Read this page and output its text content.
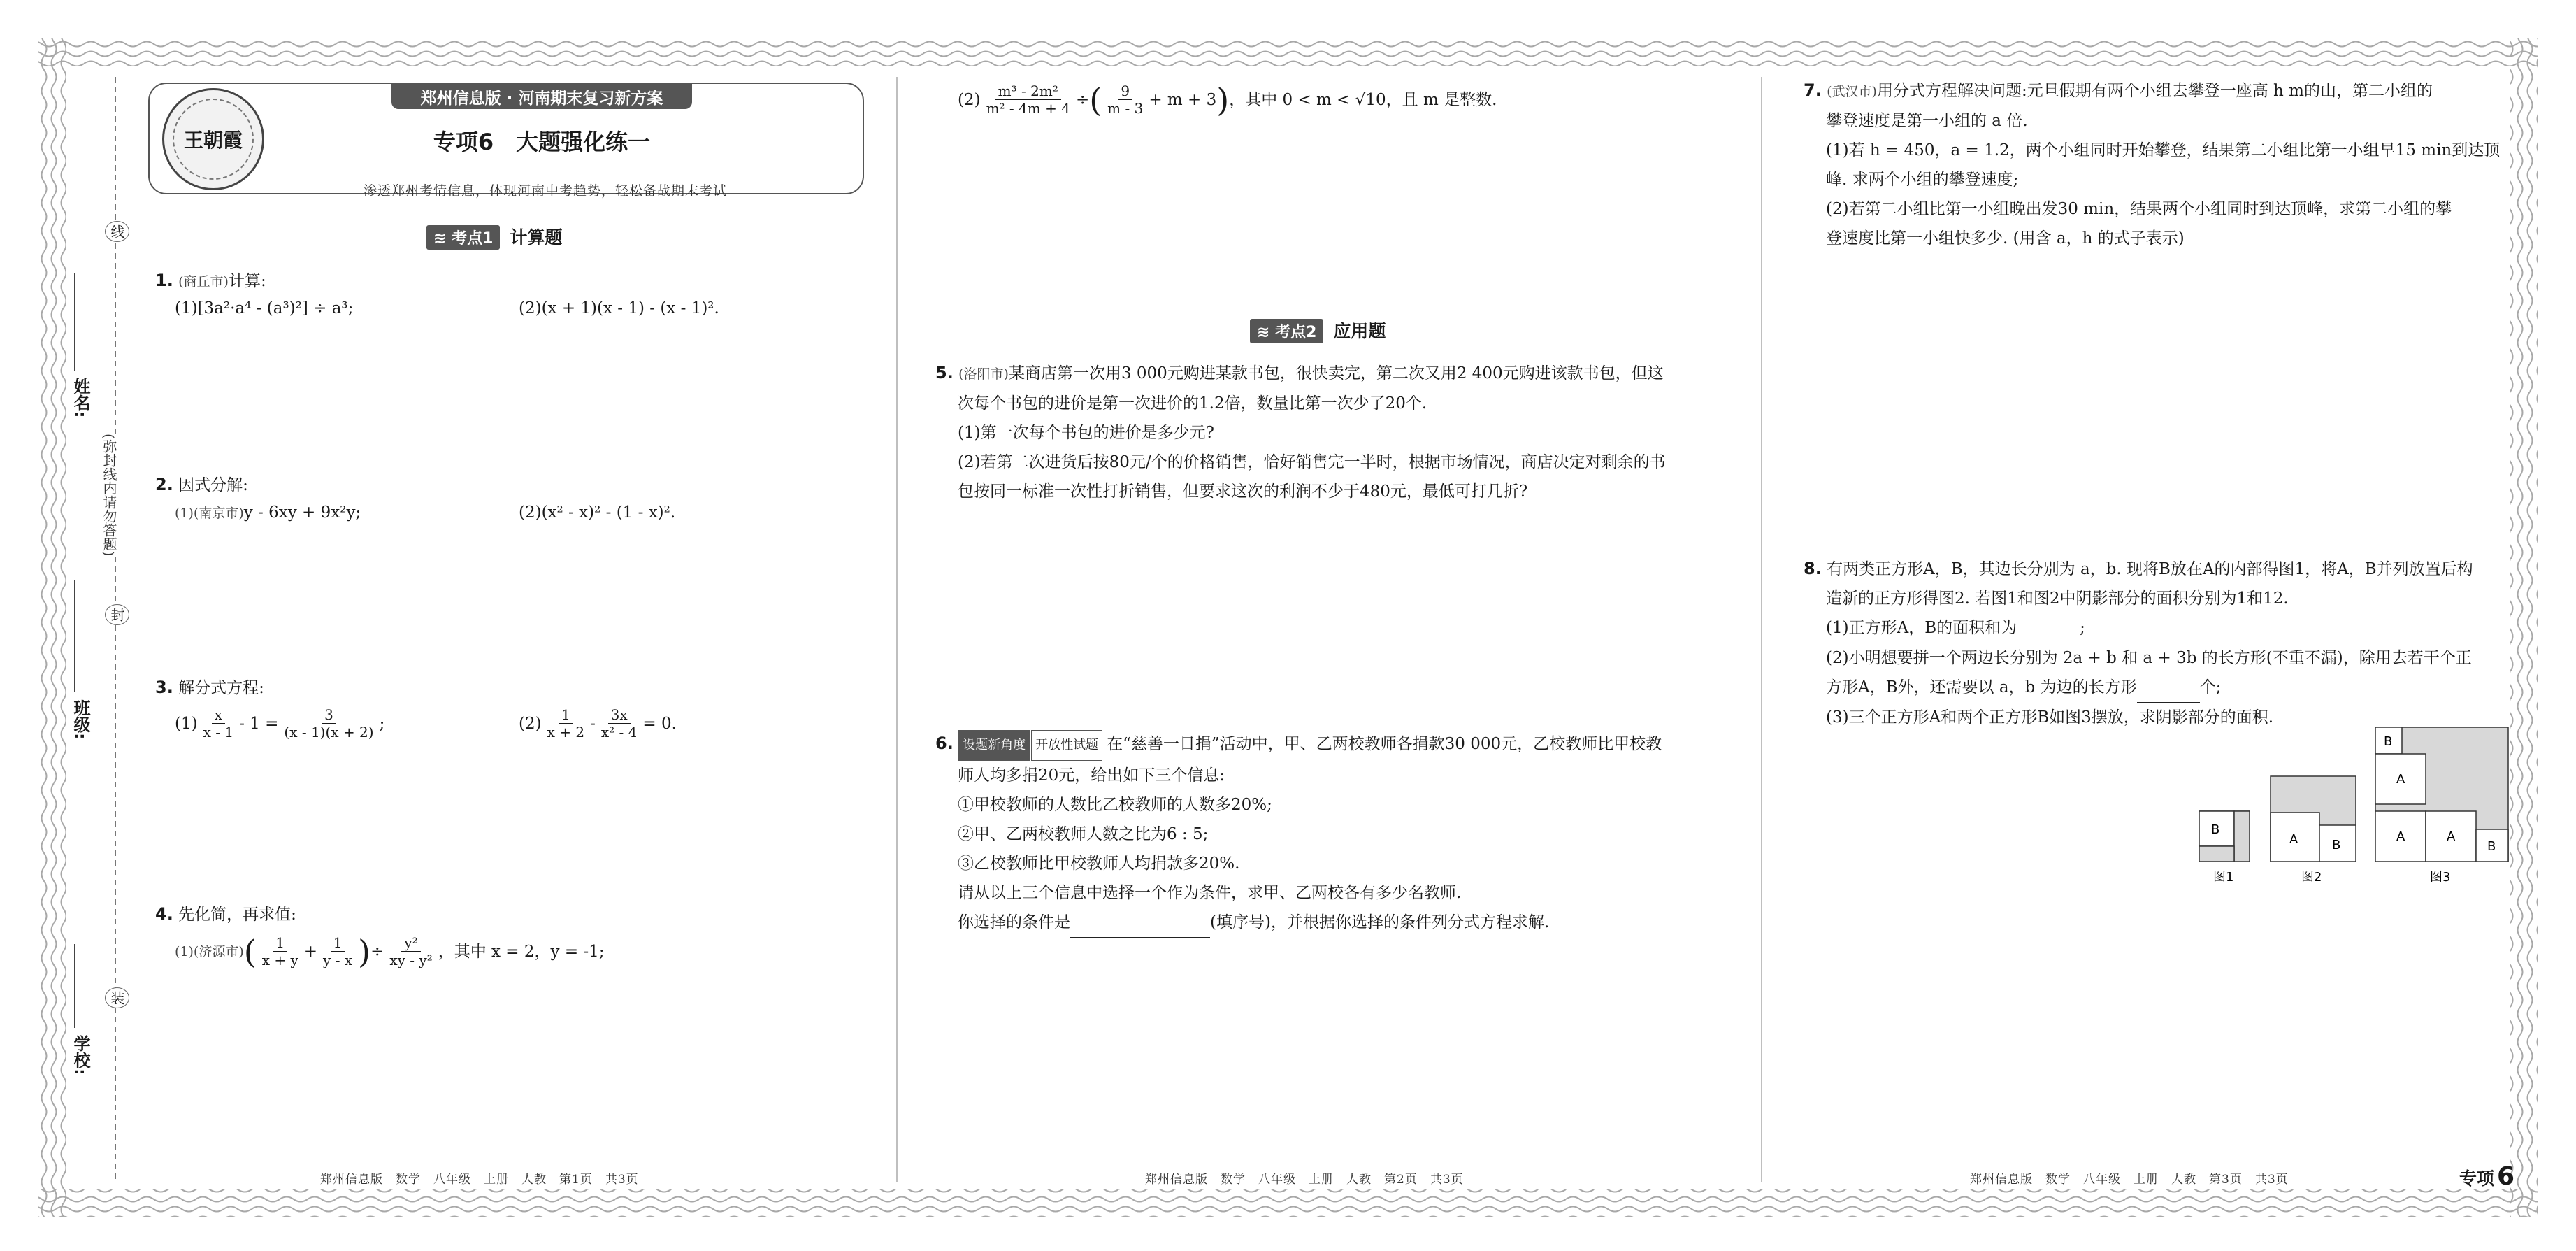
线
姓名:
(弥封线内请勿答题)
封
班级:
装
学校:
王朝霞
郑州信息版 · 河南期末复习新方案
专项6　大题强化练一
渗透郑州考情信息，体现河南中考趋势，轻松备战期末考试
≋ 考点1 计算题
1. (商丘市)计算:
(1)[3a²·a⁴ - (a³)²] ÷ a³;	(2)(x + 1)(x - 1) - (x - 1)².
2. 因式分解:
(1)(南京市)y - 6xy + 9x²y;	(2)(x² - x)² - (1 - x)².
3. 解分式方程:
$(1) \frac{x}{x - 1} - 1 = \frac{3}{(x - 1)(x + 2)}$ ;	$(2) \frac{1}{x + 2} - \frac{3x}{\text{x² - 4}} = 0$.
4. 先化简，再求值:
(1)(济源市) ( $\frac{1}{x + y} + \frac{1}{y - x}$ ) ÷ $\frac{\text{y²}}{\text{xy - y²}}$ ，其中 x = 2，y = -1;
$(2) \frac{\text{m³ - 2m²}}{\text{m² - 4m + 4}}$ ÷ ( $\frac{9}{m - 3} + m + 3$ ) ，其中 0 < m < √10，且 m 是整数.
≋ 考点2 应用题
5. (洛阳市)某商店第一次用3 000元购进某款书包，很快卖完，第二次又用2 400元购进该款书包，但这
次每个书包的进价是第一次进价的1.2倍，数量比第一次少了20个.
(1)第一次每个书包的进价是多少元?
(2)若第二次进货后按80元/个的价格销售，恰好销售完一半时，根据市场情况，商店决定对剩余的书
包按同一标准一次性打折销售，但要求这次的利润不少于480元，最低可打几折?
6. 设题新角度 开放性试题 在“慈善一日捐”活动中，甲、乙两校教师各捐款30 000元，乙校教师比甲校教
师人均多捐20元，给出如下三个信息:
①甲校教师的人数比乙校教师的人数多20%;
②甲、乙两校教师人数之比为6 : 5;
③乙校教师比甲校教师人均捐款多20%.
请从以上三个信息中选择一个作为条件，求甲、乙两校各有多少名教师.
你选择的条件是	(填序号)，并根据你选择的条件列分式方程求解.
7. (武汉市)用分式方程解决问题:元旦假期有两个小组去攀登一座高 h m的山，第二小组的
攀登速度是第一小组的 a 倍.
(1)若 h = 450，a = 1.2，两个小组同时开始攀登，结果第二小组比第一小组早15 min到达顶
峰. 求两个小组的攀登速度;
(2)若第二小组比第一小组晚出发30 min，结果两个小组同时到达顶峰，求第二小组的攀
登速度比第一小组快多少. (用含 a，h 的式子表示)
8. 有两类正方形A，B，其边长分别为 a，b. 现将B放在A的内部得图1，将A，B并列放置后构
造新的正方形得图2. 若图1和图2中阴影部分的面积分别为1和12.
(1)正方形A，B的面积和为	;
(2)小明想要拼一个两边长分别为 2a + b 和 a + 3b 的长方形(不重不漏)，除用去若干个正
方形A，B外，还需要以 a，b 为边的长方形	个;
(3)三个正方形A和两个正方形B如图3摆放，求阴影部分的面积.
B
图1
A	B
图2
B
A
A	A
B
图3
郑州信息版　数学　八年级　上册　人教　第1页　共3页	郑州信息版　数学　八年级　上册　人教　第2页　共3页	郑州信息版　数学　八年级　上册　人教　第3页　共3页	专项 6
